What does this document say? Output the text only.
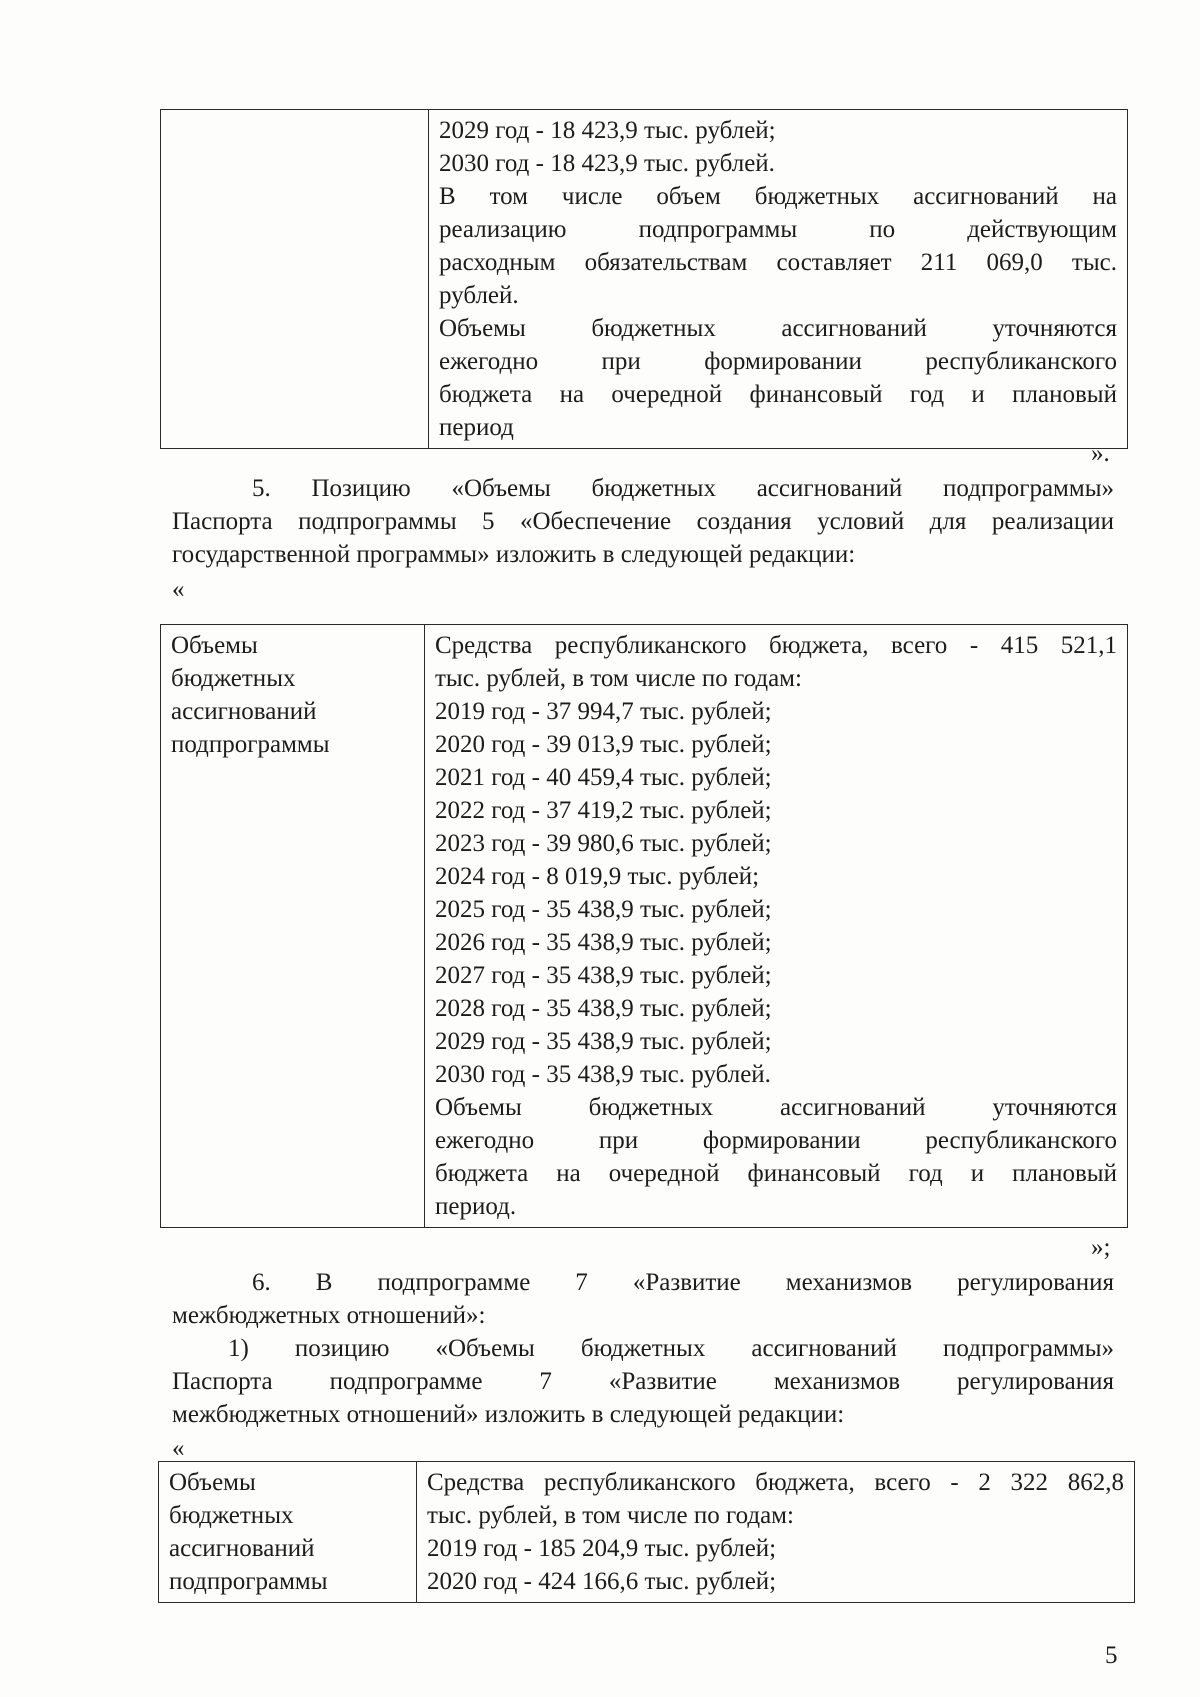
2029 год - 18 423,9 тыс. рублей;
2030 год - 18 423,9 тыс. рублей.
В том числе объем бюджетных ассигнований на
реализацию подпрограммы по действующим
расходным обязательствам составляет 211 069,0 тыс.
рублей.
Объемы бюджетных ассигнований уточняются
ежегодно при формировании республиканского
бюджета на очередной финансовый год и плановый
период
».
5. Позицию «Объемы бюджетных ассигнований подпрограммы»
Паспорта подпрограммы 5 «Обеспечение создания условий для реализации
государственной программы» изложить в следующей редакции:
«
Объемы
бюджетных
ассигнований
подпрограммы

Средства республиканского бюджета, всего - 415 521,1
тыс. рублей, в том числе по годам:
2019 год - 37 994,7 тыс. рублей;
2020 год - 39 013,9 тыс. рублей;
2021 год - 40 459,4 тыс. рублей;
2022 год - 37 419,2 тыс. рублей;
2023 год - 39 980,6 тыс. рублей;
2024 год - 8 019,9 тыс. рублей;
2025 год - 35 438,9 тыс. рублей;
2026 год - 35 438,9 тыс. рублей;
2027 год - 35 438,9 тыс. рублей;
2028 год - 35 438,9 тыс. рублей;
2029 год - 35 438,9 тыс. рублей;
2030 год - 35 438,9 тыс. рублей.
Объемы бюджетных ассигнований уточняются
ежегодно при формировании республиканского
бюджета на очередной финансовый год и плановый
период.
»;
6. В подпрограмме 7 «Развитие механизмов регулирования
межбюджетных отношений»:
1) позицию «Объемы бюджетных ассигнований подпрограммы»
Паспорта подпрограмме 7 «Развитие механизмов регулирования
межбюджетных отношений» изложить в следующей редакции:
«
Объемы
бюджетных
ассигнований
подпрограммы

Средства республиканского бюджета, всего - 2 322 862,8
тыс. рублей, в том числе по годам:
2019 год - 185 204,9 тыс. рублей;
2020 год - 424 166,6 тыс. рублей;
5
